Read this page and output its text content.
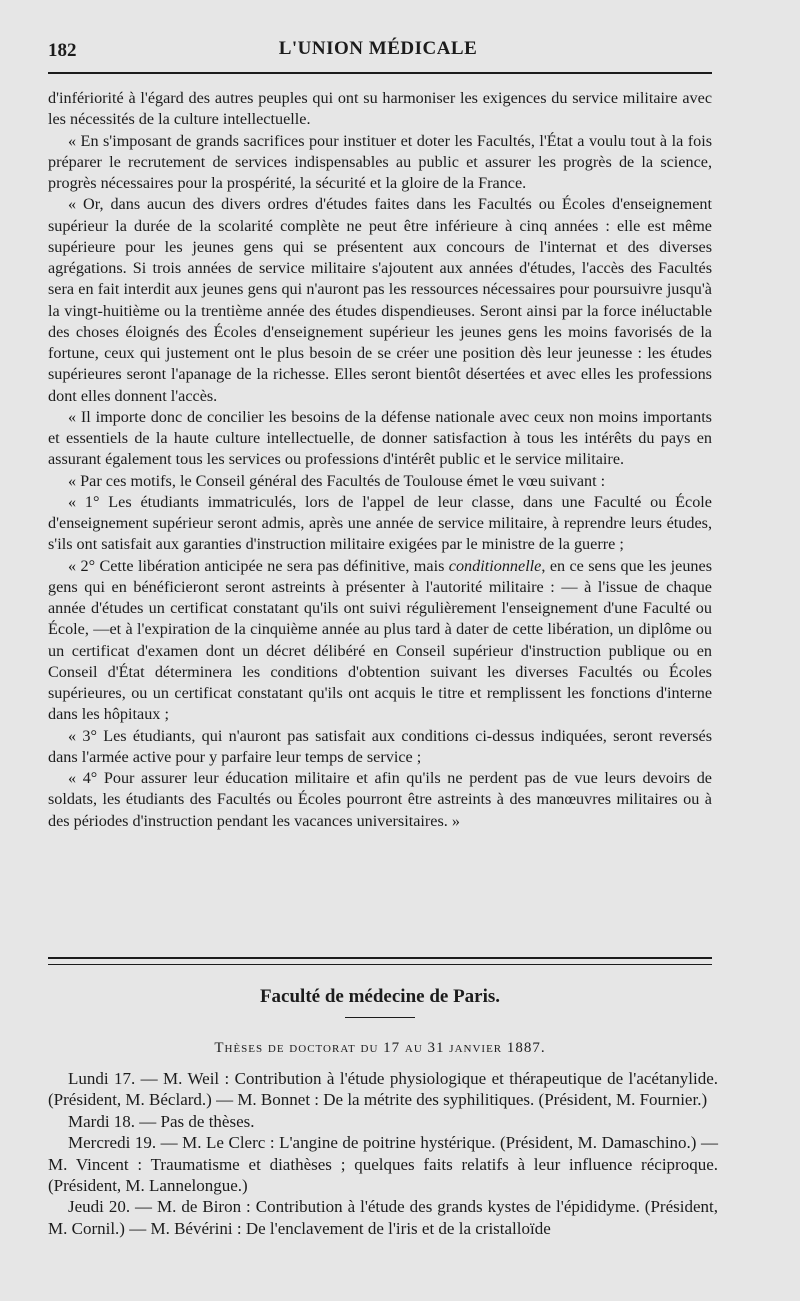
182	L'UNION MÉDICALE

d'infériorité à l'égard des autres peuples qui ont su harmoniser les exigences du service militaire avec les nécessités de la culture intellectuelle.

« En s'imposant de grands sacrifices pour instituer et doter les Facultés, l'État a voulu tout à la fois préparer le recrutement de services indispensables au public et assurer les progrès de la science, progrès nécessaires pour la prospérité, la sécurité et la gloire de la France.

« Or, dans aucun des divers ordres d'études faites dans les Facultés ou Écoles d'enseignement supérieur la durée de la scolarité complète ne peut être inférieure à cinq années : elle est même supérieure pour les jeunes gens qui se présentent aux concours de l'internat et des diverses agrégations. Si trois années de service militaire s'ajoutent aux années d'études, l'accès des Facultés sera en fait interdit aux jeunes gens qui n'auront pas les ressources nécessaires pour poursuivre jusqu'à la vingt-huitième ou la trentième année des études dispendieuses. Seront ainsi par la force inéluctable des choses éloignés des Écoles d'enseignement supérieur les jeunes gens les moins favorisés de la fortune, ceux qui justement ont le plus besoin de se créer une position dès leur jeunesse : les études supérieures seront l'apanage de la richesse. Elles seront bientôt désertées et avec elles les professions dont elles donnent l'accès.

« Il importe donc de concilier les besoins de la défense nationale avec ceux non moins importants et essentiels de la haute culture intellectuelle, de donner satisfaction à tous les intérêts du pays en assurant également tous les services ou professions d'intérêt public et le service militaire.

« Par ces motifs, le Conseil général des Facultés de Toulouse émet le vœu suivant :

« 1° Les étudiants immatriculés, lors de l'appel de leur classe, dans une Faculté ou École d'enseignement supérieur seront admis, après une année de service militaire, à reprendre leurs études, s'ils ont satisfait aux garanties d'instruction militaire exigées par le ministre de la guerre ;

« 2° Cette libération anticipée ne sera pas définitive, mais conditionnelle, en ce sens que les jeunes gens qui en bénéficieront seront astreints à présenter à l'autorité militaire : — à l'issue de chaque année d'études un certificat constatant qu'ils ont suivi régulièrement l'enseignement d'une Faculté ou École, —et à l'expiration de la cinquième année au plus tard à dater de cette libération, un diplôme ou un certificat d'examen dont un décret délibéré en Conseil supérieur d'instruction publique ou en Conseil d'État déterminera les conditions d'obtention suivant les diverses Facultés ou Écoles supérieures, ou un certificat constatant qu'ils ont acquis le titre et remplissent les fonctions d'interne dans les hôpitaux ;

« 3° Les étudiants, qui n'auront pas satisfait aux conditions ci-dessus indiquées, seront reversés dans l'armée active pour y parfaire leur temps de service ;

« 4° Pour assurer leur éducation militaire et afin qu'ils ne perdent pas de vue leurs devoirs de soldats, les étudiants des Facultés ou Écoles pourront être astreints à des manœuvres militaires ou à des périodes d'instruction pendant les vacances universitaires. »

Faculté de médecine de Paris.
Thèses de doctorat du 17 au 31 janvier 1887.

Lundi 17. — M. Weil : Contribution à l'étude physiologique et thérapeutique de l'acétanylide. (Président, M. Béclard.) — M. Bonnet : De la métrite des syphilitiques. (Président, M. Fournier.)

Mardi 18. — Pas de thèses.

Mercredi 19. — M. Le Clerc : L'angine de poitrine hystérique. (Président, M. Damaschino.) — M. Vincent : Traumatisme et diathèses ; quelques faits relatifs à leur influence réciproque. (Président, M. Lannelongue.)

Jeudi 20. — M. de Biron : Contribution à l'étude des grands kystes de l'épididyme. (Président, M. Cornil.) — M. Bévérini : De l'enclavement de l'iris et de la cristalloïde
